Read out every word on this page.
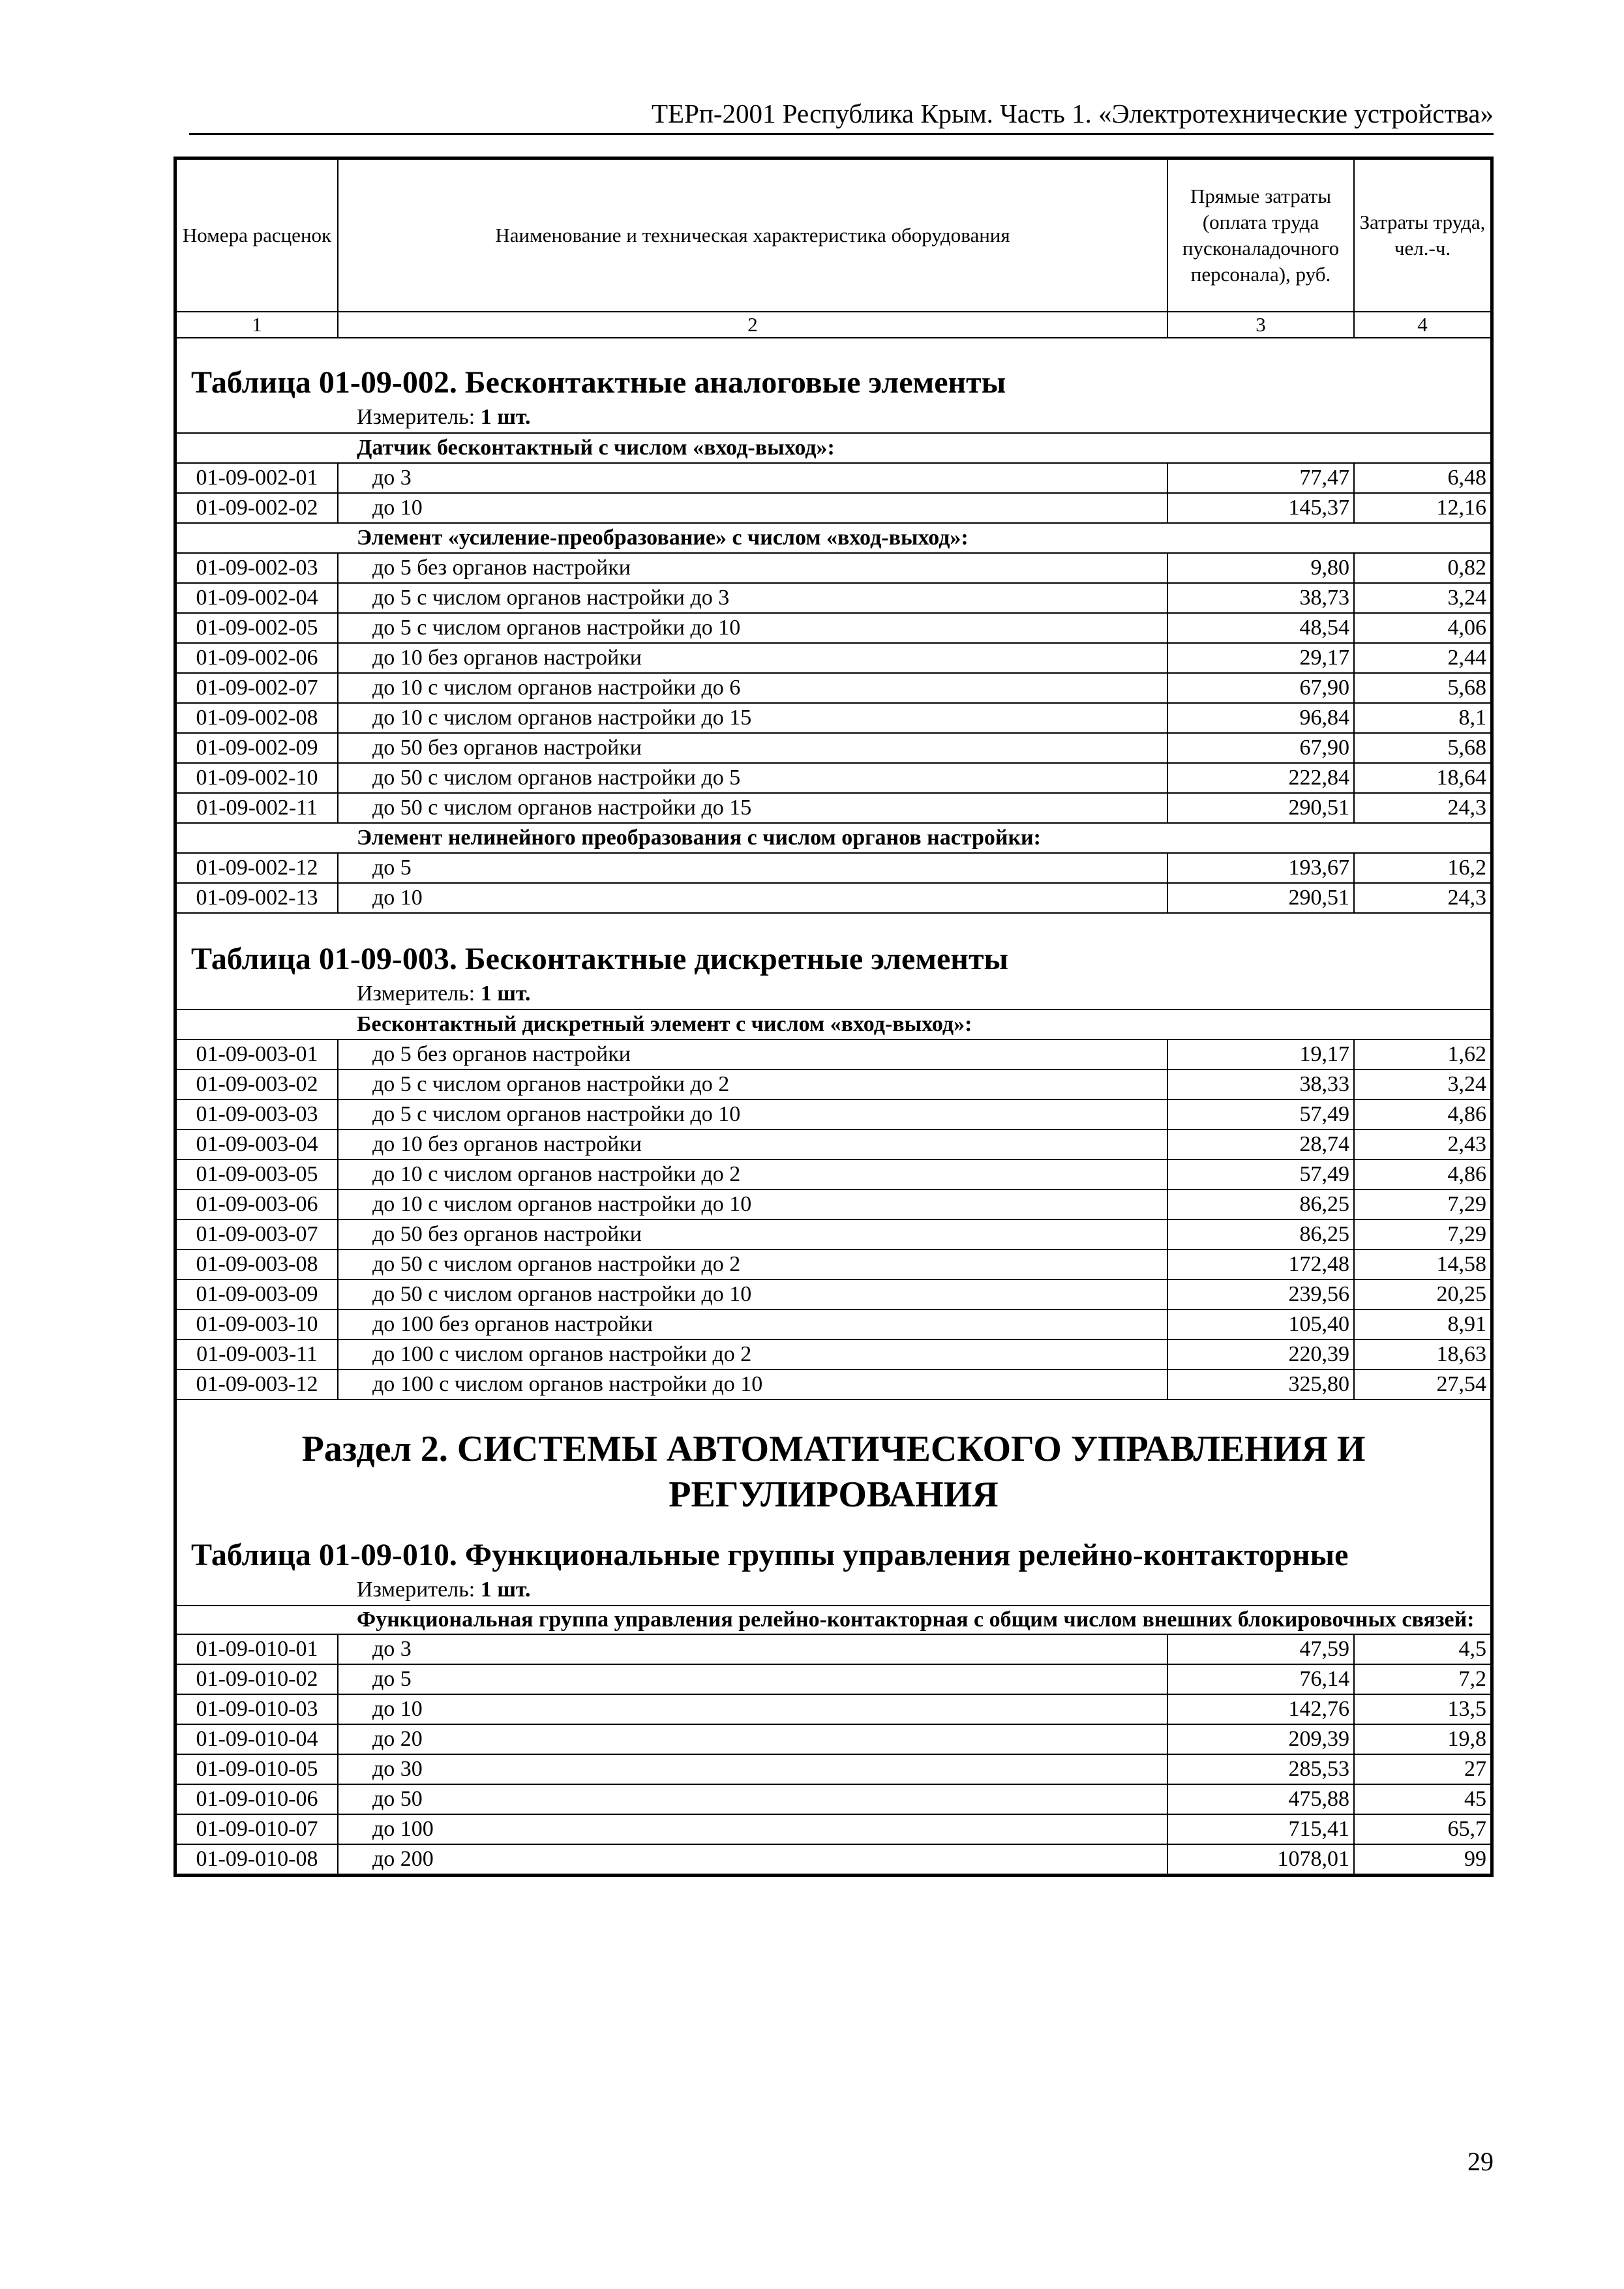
ТЕРп-2001 Республика Крым. Часть 1. «Электротехнические устройства»
Номера расценок	Наименование и техническая характеристика оборудования	Прямые затраты (оплата труда пусконаладочного персонала), руб.	Затраты труда, чел.-ч.
1	2	3	4
Таблица 01-09-002. Бесконтактные аналоговые элементы
Измеритель: 1 шт.
Датчик бесконтактный с числом «вход-выход»:			
01-09-002-01	до 3	77,47	6,48
01-09-002-02	до 10	145,37	12,16
Элемент «усиление-преобразование» с числом «вход-выход»:			
01-09-002-03	до 5 без органов настройки	9,80	0,82
01-09-002-04	до 5 с числом органов настройки до 3	38,73	3,24
01-09-002-05	до 5 с числом органов настройки до 10	48,54	4,06
01-09-002-06	до 10 без органов настройки	29,17	2,44
01-09-002-07	до 10 с числом органов настройки до 6	67,90	5,68
01-09-002-08	до 10 с числом органов настройки до 15	96,84	8,1
01-09-002-09	до 50 без органов настройки	67,90	5,68
01-09-002-10	до 50 с числом органов настройки до 5	222,84	18,64
01-09-002-11	до 50 с числом органов настройки до 15	290,51	24,3
Элемент нелинейного преобразования с числом органов настройки:			
01-09-002-12	до 5	193,67	16,2
01-09-002-13	до 10	290,51	24,3
Таблица 01-09-003. Бесконтактные дискретные элементы
Измеритель: 1 шт.
Бесконтактный дискретный элемент с числом «вход-выход»:			
01-09-003-01	до 5 без органов настройки	19,17	1,62
01-09-003-02	до 5 с числом органов настройки до 2	38,33	3,24
01-09-003-03	до 5 с числом органов настройки до 10	57,49	4,86
01-09-003-04	до 10 без органов настройки	28,74	2,43
01-09-003-05	до 10 с числом органов настройки до 2	57,49	4,86
01-09-003-06	до 10 с числом органов настройки до 10	86,25	7,29
01-09-003-07	до 50 без органов настройки	86,25	7,29
01-09-003-08	до 50 с числом органов настройки до 2	172,48	14,58
01-09-003-09	до 50 с числом органов настройки до 10	239,56	20,25
01-09-003-10	до 100 без органов настройки	105,40	8,91
01-09-003-11	до 100 с числом органов настройки до 2	220,39	18,63
01-09-003-12	до 100 с числом органов настройки до 10	325,80	27,54
Раздел 2. СИСТЕМЫ АВТОМАТИЧЕСКОГО УПРАВЛЕНИЯ И
РЕГУЛИРОВАНИЯ
Таблица 01-09-010. Функциональные группы управления релейно-контакторные
Измеритель: 1 шт.
Функциональная группа управления релейно-контакторная с общим числом внешних блокировочных связей:			
01-09-010-01	до 3	47,59	4,5
01-09-010-02	до 5	76,14	7,2
01-09-010-03	до 10	142,76	13,5
01-09-010-04	до 20	209,39	19,8
01-09-010-05	до 30	285,53	27
01-09-010-06	до 50	475,88	45
01-09-010-07	до 100	715,41	65,7
01-09-010-08	до 200	1078,01	99
29
